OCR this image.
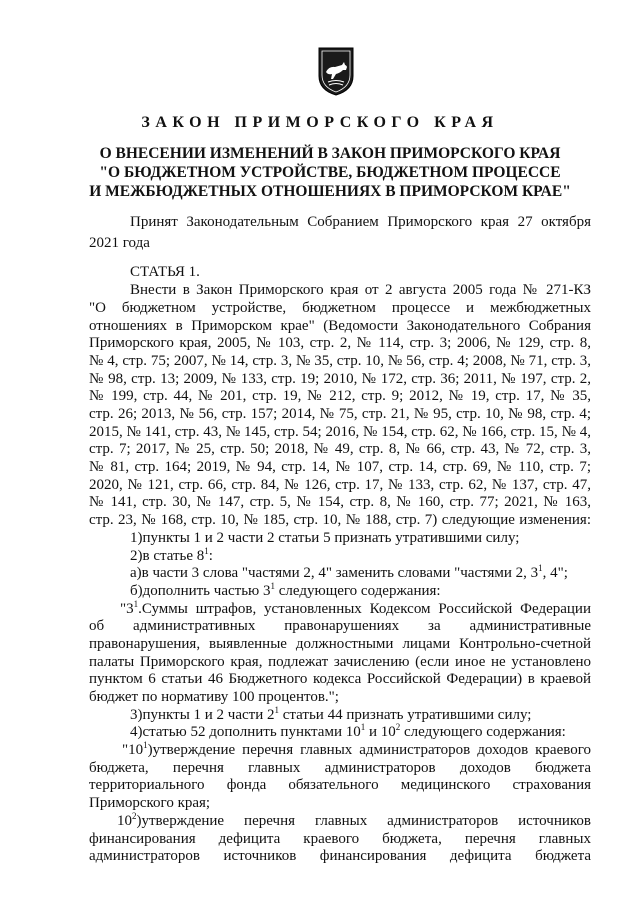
ЗАКОН ПРИМОРСКОГО КРАЯ
О ВНЕСЕНИИ ИЗМЕНЕНИЙ В ЗАКОН ПРИМОРСКОГО КРАЯ
"О БЮДЖЕТНОМ УСТРОЙСТВЕ, БЮДЖЕТНОМ ПРОЦЕССЕ
И МЕЖБЮДЖЕТНЫХ ОТНОШЕНИЯХ В ПРИМОРСКОМ КРАЕ"
Принят Законодательным Собранием Приморского края 27 октября
2021 года
СТАТЬЯ 1.
Внести в Закон Приморского края от 2 августа 2005 года № 271-КЗ
"О бюджетном устройстве, бюджетном процессе и межбюджетных
отношениях в Приморском крае" (Ведомости Законодательного Собрания
Приморского края, 2005, № 103, стр. 2, № 114, стр. 3; 2006, № 129, стр. 8,
№ 4, стр. 75; 2007, № 14, стр. 3, № 35, стр. 10, № 56, стр. 4; 2008, № 71, стр. 3,
№ 98, стр. 13; 2009, № 133, стр. 19; 2010, № 172, стр. 36; 2011, № 197, стр. 2,
№ 199, стр. 44, № 201, стр. 19, № 212, стр. 9; 2012, № 19, стр. 17, № 35,
стр. 26; 2013, № 56, стр. 157; 2014, № 75, стр. 21, № 95, стр. 10, № 98, стр. 4;
2015, № 141, стр. 43, № 145, стр. 54; 2016, № 154, стр. 62, № 166, стр. 15, № 4,
стр. 7; 2017, № 25, стр. 50; 2018, № 49, стр. 8, № 66, стр. 43, № 72, стр. 3,
№ 81, стр. 164; 2019, № 94, стр. 14, № 107, стр. 14, стр. 69, № 110, стр. 7;
2020, № 121, стр. 66, стр. 84, № 126, стр. 17, № 133, стр. 62, № 137, стр. 47,
№ 141, стр. 30, № 147, стр. 5, № 154, стр. 8, № 160, стр. 77; 2021, № 163,
стр. 23, № 168, стр. 10, № 185, стр. 10, № 188, стр. 7) следующие изменения:
1)пункты 1 и 2 части 2 статьи 5 признать утратившими силу;
2)в статье $8^1$:
а)в части 3 слова "частями 2, 4" заменить словами "частями 2, $3^1$, 4";
б)дополнить частью $3^1$ следующего содержания:
"$3^1.Суммы$ штрафов, установленных Кодексом Российской Федерации
об административных правонарушениях за административные
правонарушения, выявленные должностными лицами Контрольно-счетной
палаты Приморского края, подлежат зачислению (если иное не установлено
пунктом 6 статьи 46 Бюджетного кодекса Российской Федерации) в краевой
бюджет по нормативу 100 процентов.";
3)пункты 1 и 2 части $2^1$ статьи 44 признать утратившими силу;
4)статью 52 дополнить пунктами $10^1$ и $10^2$ следующего содержания:
"$10^1)утверждение$ перечня главных администраторов доходов краевого
бюджета, перечня главных администраторов доходов бюджета
территориального фонда обязательного медицинского страхования
Приморского края;
$10^2)утверждение$ перечня главных администраторов источников
финансирования дефицита краевого бюджета, перечня главных
администраторов источников финансирования дефицита бюджета
